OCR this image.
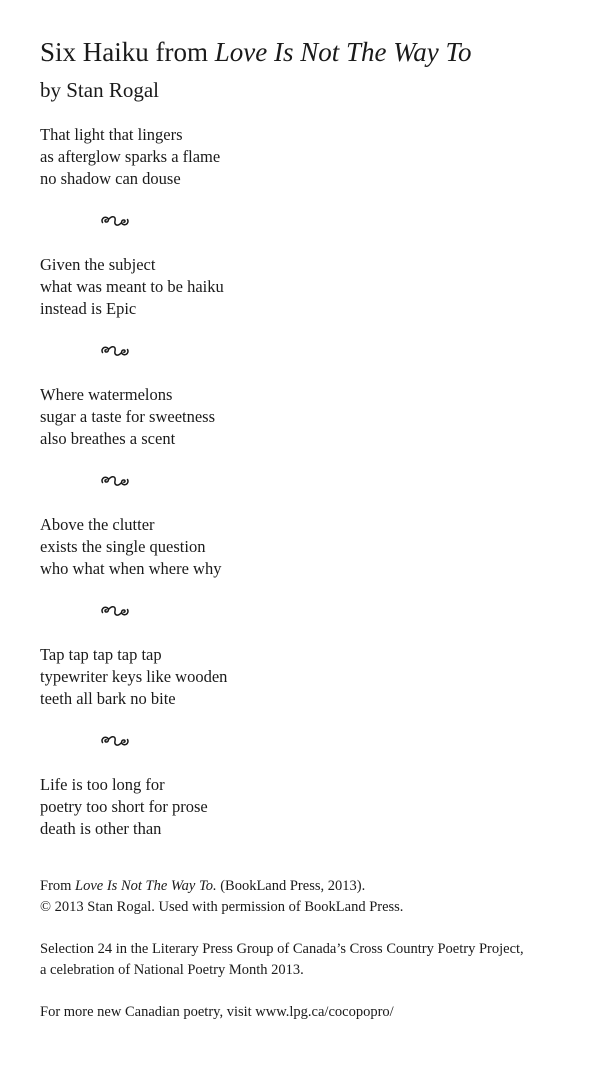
Six Haiku from Love Is Not The Way To

by Stan Rogal

That light that lingers
as afterglow sparks a flame
no shadow can douse
Given the subject
what was meant to be haiku
instead is Epic
Where watermelons
sugar a taste for sweetness
also breathes a scent
Above the clutter
exists the single question
who what when where why
Tap tap tap tap tap
typewriter keys like wooden
teeth all bark no bite
Life is too long for
poetry too short for prose
death is other than

From Love Is Not The Way To. (BookLand Press, 2013).
© 2013 Stan Rogal. Used with permission of BookLand Press.

Selection 24 in the Literary Press Group of Canada’s Cross Country Poetry Project,
a celebration of National Poetry Month 2013.

For more new Canadian poetry, visit www.lpg.ca/cocopopro/
